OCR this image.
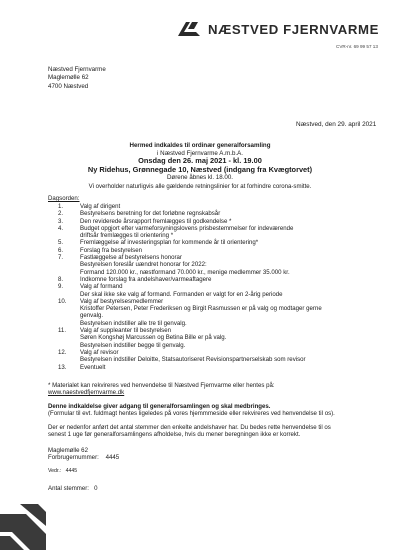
NÆSTVED FJERNVARME
CVR-nr. 69 99 57 13
Næstved Fjernvarme
Maglemølle 62
4700 Næstved
Næstved, den 29. april 2021
Hermed indkaldes til ordinær generalforsamling
i Næstved Fjernvarme A.m.b.A.
Onsdag den 26. maj 2021 - kl. 19.00
Ny Ridehus, Grønnegade 10, Næstved (indgang fra Kvægtorvet)
Dørene åbnes kl. 18.00.
Vi overholder naturligvis alle gældende retningslinier for at forhindre corona-smitte.
Dagsorden:
1.	Valg af dirigent
2.	Bestyrelsens beretning for det forløbne regnskabsår
3.	Den reviderede årsrapport fremlægges til godkendelse *
4.	Budget opgjort efter varmeforsyningslovens prisbestemmelser for indeværende
driftsår fremlægges til orientering *
5.	Fremlæggelse af investeringsplan for kommende år til orientering*
6.	Forslag fra bestyrelsen
7.	Fastlæggelse af bestyrelsens honorar
Bestyrelsen foreslår uændret honorar for 2022:
Formand 120.000 kr., næstformand 70.000 kr., menige medlemmer 35.000 kr.
8.	Indkomne forslag fra andelshaver/varmeaftagere
9.	Valg af formand
Der skal ikke ske valg af formand. Formanden er valgt for en 2-årig periode
10.	Valg af bestyrelsesmedlemmer
Kristoffer Petersen, Peter Frederiksen og Birgit Rasmussen er på valg og modtager gerne
genvalg.
Bestyrelsen indstiller alle tre til genvalg.
11.	Valg af suppleanter til bestyrelsen
Søren Kongshøj Marcussen og Betina Bille er på valg.
Bestyrelsen indstiller begge til genvalg.
12.	Valg af revisor
Bestyrelsen indstiller Deloitte, Statsautoriseret Revisionspartnerselskab som revisor
13.	Eventuelt
* Materialet kan rekvireres ved henvendelse til Næstved Fjernvarme eller hentes på:
www.naestvedfjernvarme.dk
Denne indkaldelse giver adgang til generalforsamlingen og skal medbringes.
(Formular til evt. fuldmagt hentes ligeledes på vores hjemmmeside eller rekvireres ved henvendelse til os).
Der er nedenfor anført det antal stemmer den enkelte andelshaver har. Du bedes rette henvendelse til os
senest 1 uge før generalforsamlingens afholdelse, hvis du mener beregningen ikke er korrekt.
Maglemølle 62
Forbrugernummer: 4445
Vedr.: 4445
Antal stemmer: 0
